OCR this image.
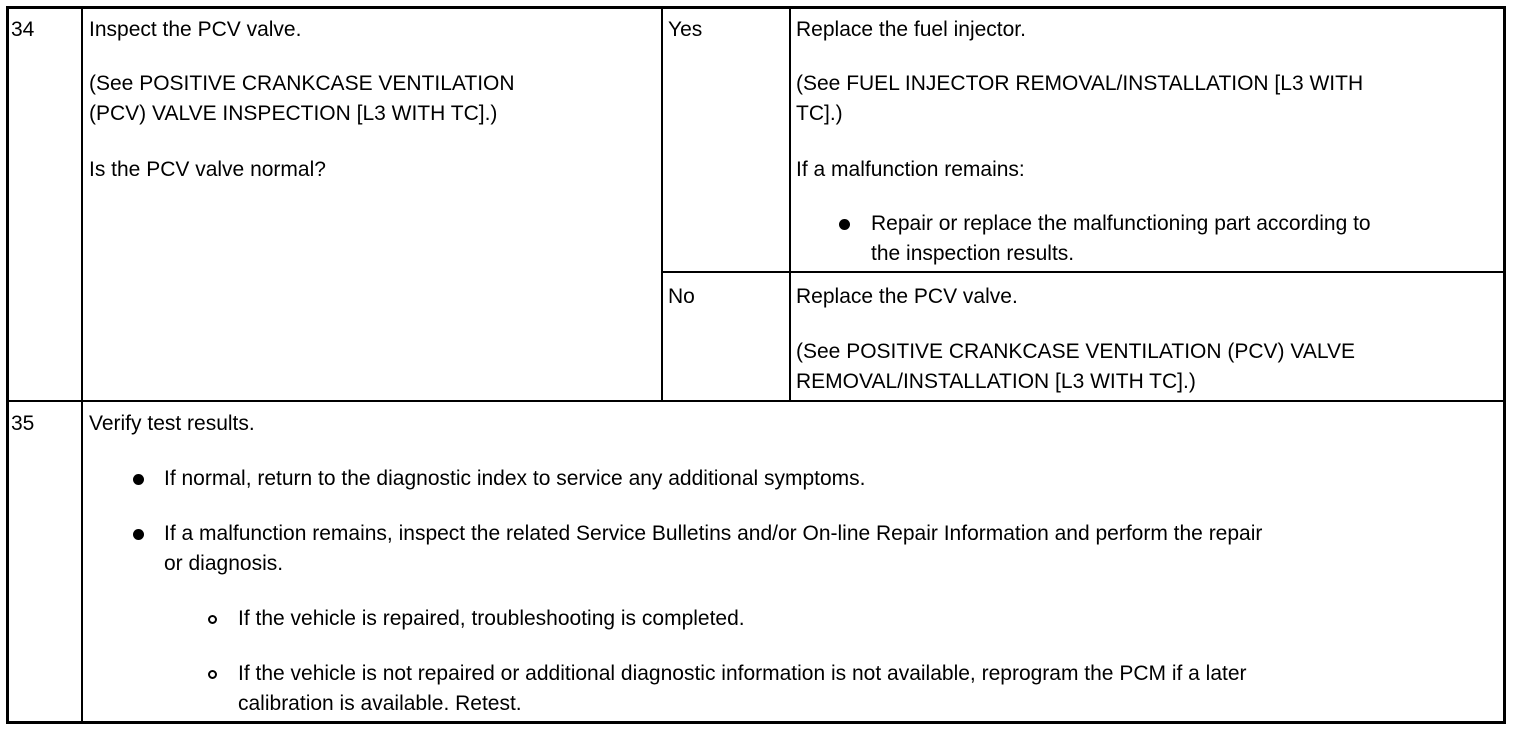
34	Inspect the PCV valve.
(See POSITIVE CRANKCASE VENTILATION
(PCV) VALVE INSPECTION [L3 WITH TC].)
Is the PCV valve normal?
Yes	Replace the fuel injector.
(See FUEL INJECTOR REMOVAL/INSTALLATION [L3 WITH
TC].)
If a malfunction remains:
Repair or replace the malfunctioning part according to
the inspection results.
No	Replace the PCV valve.
(See POSITIVE CRANKCASE VENTILATION (PCV) VALVE
REMOVAL/INSTALLATION [L3 WITH TC].)
35	Verify test results.
If normal, return to the diagnostic index to service any additional symptoms.
If a malfunction remains, inspect the related Service Bulletins and/or On-line Repair Information and perform the repair
or diagnosis.
If the vehicle is repaired, troubleshooting is completed.
If the vehicle is not repaired or additional diagnostic information is not available, reprogram the PCM if a later
calibration is available. Retest.
